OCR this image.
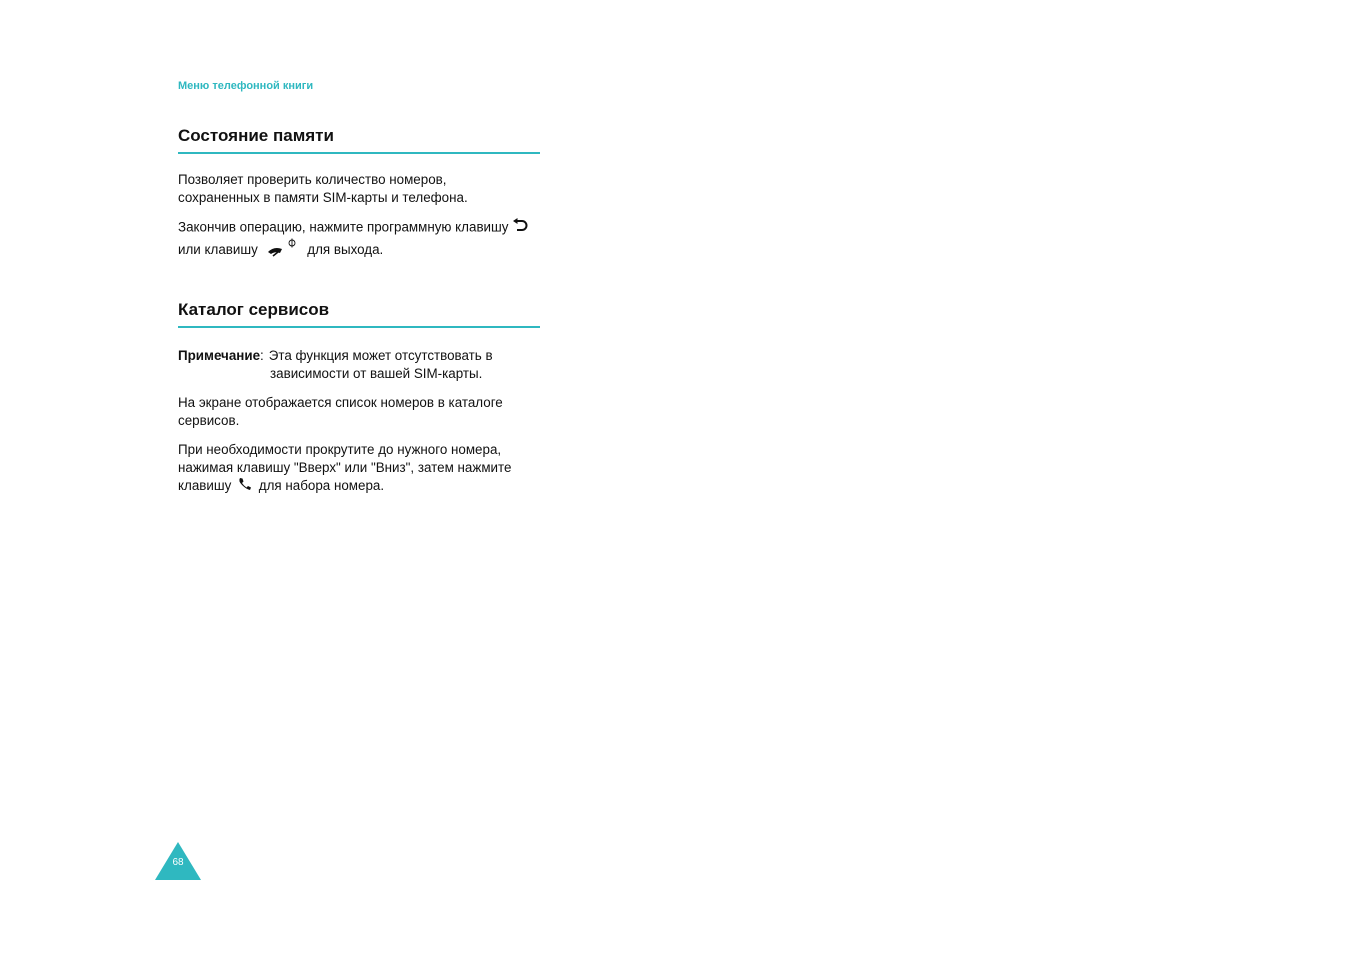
Меню телефонной книги
Состояние памяти

Позволяет проверить количество номеров,

сохраненных в памяти SIM-карты и телефона.

Закончив операцию, нажмите программную клавишу

или клавишу	для выхода.

Каталог сервисов
Примечание : Эта функция может отсутствовать в
зависимости от вашей SIM-карты.

На экране отображается список номеров в каталоге

сервисов.

При необходимости прокрутите до нужного номера,

нажимая клавишу "Вверх" или "Вниз", затем нажмите

клавишу для набора номера.

68
